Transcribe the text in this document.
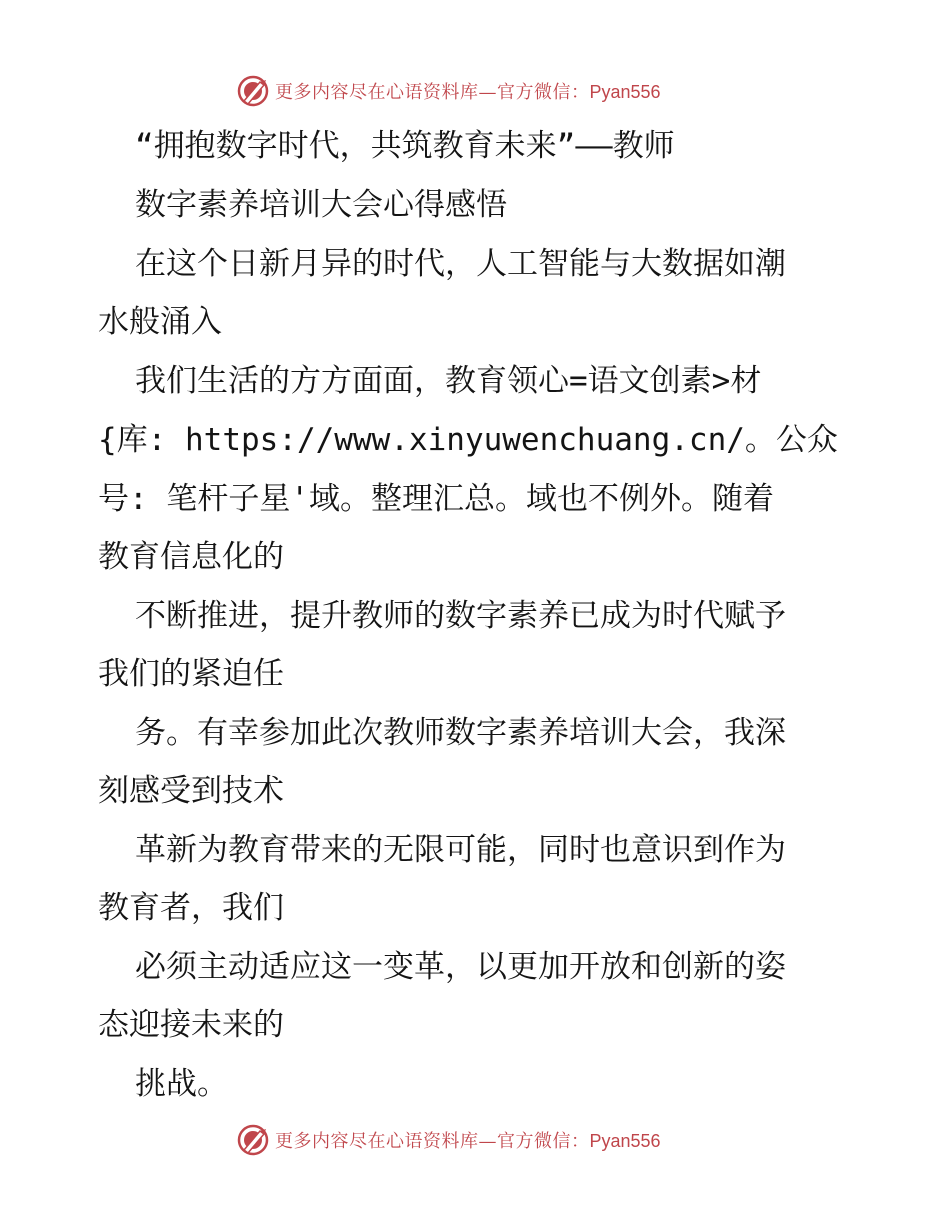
更多内容尽在心语资料库—官方微信：Pyan556
“拥抱数字时代，共筑教育未来”——教师
数字素养培训大会心得感悟
在这个日新月异的时代，人工智能与大数据如潮
水般涌入
我们生活的方方面面，教育领心=语文创素>材
{库: https://www.xinyuwenchuang.cn/。公众
号: 笔杆子星'域。整理汇总。域也不例外。随着
教育信息化的
不断推进，提升教师的数字素养已成为时代赋予
我们的紧迫任
务。有幸参加此次教师数字素养培训大会，我深
刻感受到技术
革新为教育带来的无限可能，同时也意识到作为
教育者，我们
必须主动适应这一变革，以更加开放和创新的姿
态迎接未来的
挑战。
更多内容尽在心语资料库—官方微信：Pyan556
